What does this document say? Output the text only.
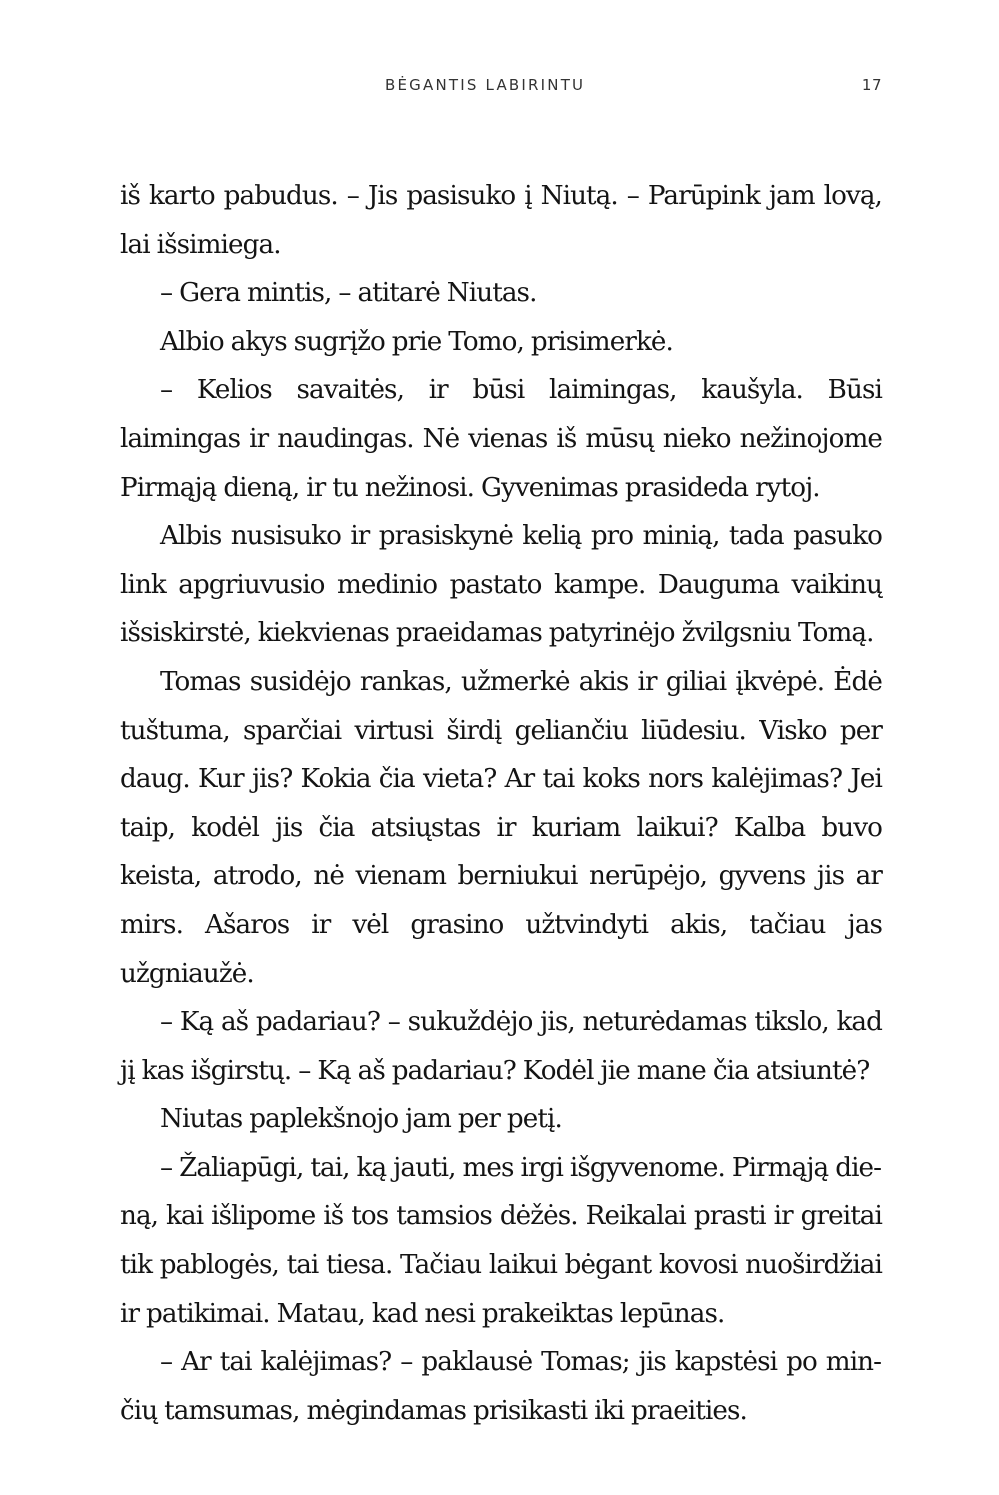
BĖGANTIS LABIRINTU	17

iš karto pabudus. – Jis pasisuko į Niutą. – Parūpink jam lovą, lai išsimiega.

– Gera mintis, – atitarė Niutas.

Albio akys sugrįžo prie Tomo, prisimerkė.

– Kelios savaitės, ir būsi laimingas, kaušyla. Būsi laimingas ir naudingas. Nė vienas iš mūsų nieko nežinojome Pirmąją dieną, ir tu nežinosi. Gyvenimas prasideda rytoj.

Albis nusisuko ir prasiskynė kelią pro minią, tada pasuko link apgriuvusio medinio pastato kampe. Dauguma vaikinų išsiskirstė, kiekvienas praeidamas patyrinėjo žvilgsniu Tomą.

Tomas susidėjo rankas, užmerkė akis ir giliai įkvėpė. Ėdė tuštuma, sparčiai virtusi širdį geliančiu liūdesiu. Visko per daug. Kur jis? Kokia čia vieta? Ar tai koks nors kalėjimas? Jei taip, kodėl jis čia atsiųstas ir kuriam laikui? Kalba buvo keista, atrodo, nė vienam berniukui nerūpėjo, gyvens jis ar mirs. Ašaros ir vėl grasino užtvindyti akis, tačiau jas užgniaužė.

– Ką aš padariau? – sukuždėjo jis, neturėdamas tikslo, kad jį kas išgirstų. – Ką aš padariau? Kodėl jie mane čia atsiuntė?

Niutas paplekšnojo jam per petį.

– Žaliapūgi, tai, ką jauti, mes irgi išgyvenome. Pirmąją dieną, kai išlipome iš tos tamsios dėžės. Reikalai prasti ir greitai tik pablogės, tai tiesa. Tačiau laikui bėgant kovosi nuoširdžiai ir patikimai. Matau, kad nesi prakeiktas lepūnas.

– Ar tai kalėjimas? – paklausė Tomas; jis kapstėsi po minčių tamsumas, mėgindamas prisikasti iki praeities.
